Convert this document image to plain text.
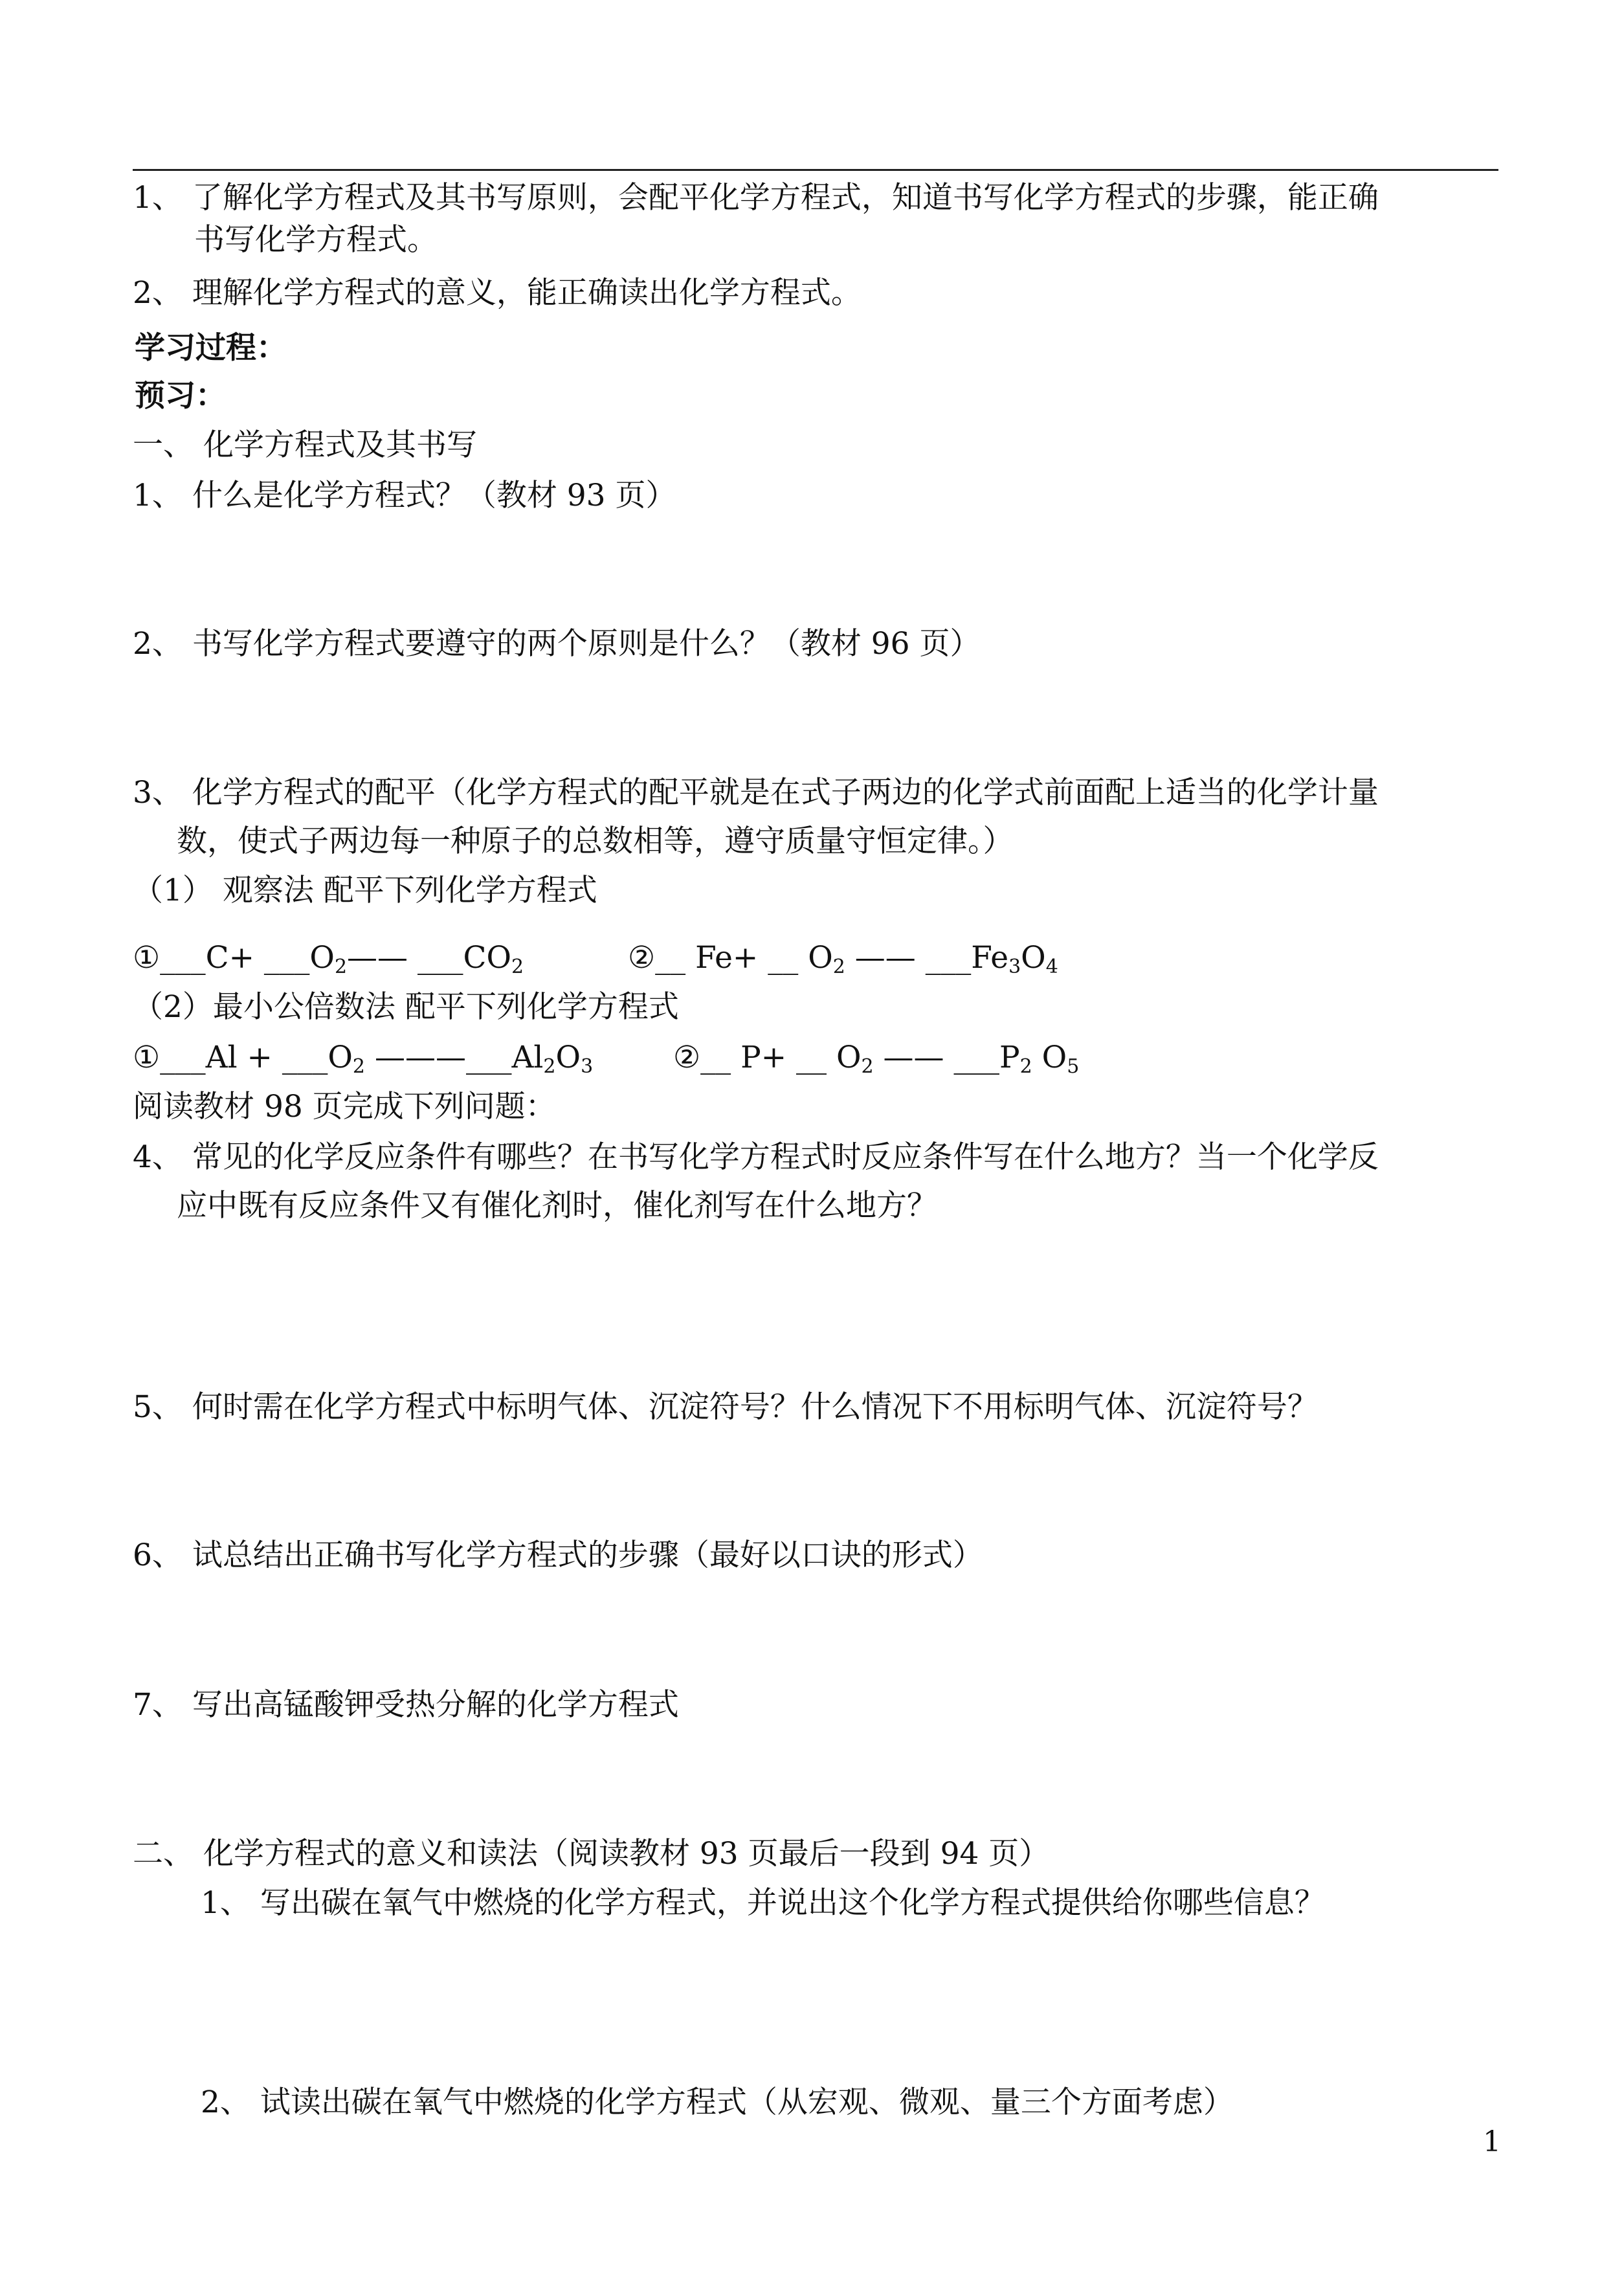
1、 了解化学方程式及其书写原则，会配平化学方程式，知道书写化学方程式的步骤，能正确
书写化学方程式。
2、 理解化学方程式的意义，能正确读出化学方程式。
学习过程：
预习：
一、 化学方程式及其书写
1、 什么是化学方程式？（教材 93 页）
2、 书写化学方程式要遵守的两个原则是什么？（教材 96 页）
3、 化学方程式的配平（化学方程式的配平就是在式子两边的化学式前面配上适当的化学计量
数，使式子两边每一种原子的总数相等，遵守质量守恒定律。）
（1） 观察法 配平下列化学方程式
①___C+ $\_\_\_O_2——$ $\_\_\_CO_2$	②__ Fe+ __ $O_2$ —— $\_\_\_Fe_3O_4$
（2）最小公倍数法 配平下列化学方程式
①___Al + $\_\_\_O_2$ $———\_\_\_Al_2O_3$	②__ P+ __ $O_2$ —— $\_\_\_P_2$ $O_5$
阅读教材 98 页完成下列问题：
4、 常见的化学反应条件有哪些？在书写化学方程式时反应条件写在什么地方？当一个化学反
应中既有反应条件又有催化剂时，催化剂写在什么地方？
5、 何时需在化学方程式中标明气体、沉淀符号？什么情况下不用标明气体、沉淀符号？
6、 试总结出正确书写化学方程式的步骤（最好以口诀的形式）
7、 写出高锰酸钾受热分解的化学方程式
二、 化学方程式的意义和读法（阅读教材 93 页最后一段到 94 页）
1、 写出碳在氧气中燃烧的化学方程式，并说出这个化学方程式提供给你哪些信息？
2、 试读出碳在氧气中燃烧的化学方程式（从宏观、微观、量三个方面考虑）
1
